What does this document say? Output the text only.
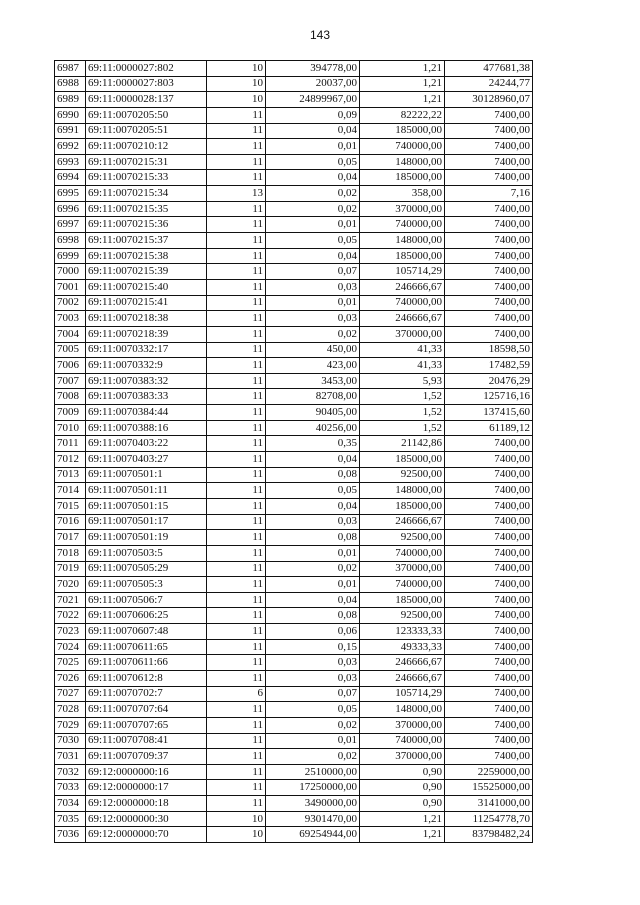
143
6987	69:11:0000027:802	10	394778,00	1,21	477681,38
6988	69:11:0000027:803	10	20037,00	1,21	24244,77
6989	69:11:0000028:137	10	24899967,00	1,21	30128960,07
6990	69:11:0070205:50	11	0,09	82222,22	7400,00
6991	69:11:0070205:51	11	0,04	185000,00	7400,00
6992	69:11:0070210:12	11	0,01	740000,00	7400,00
6993	69:11:0070215:31	11	0,05	148000,00	7400,00
6994	69:11:0070215:33	11	0,04	185000,00	7400,00
6995	69:11:0070215:34	13	0,02	358,00	7,16
6996	69:11:0070215:35	11	0,02	370000,00	7400,00
6997	69:11:0070215:36	11	0,01	740000,00	7400,00
6998	69:11:0070215:37	11	0,05	148000,00	7400,00
6999	69:11:0070215:38	11	0,04	185000,00	7400,00
7000	69:11:0070215:39	11	0,07	105714,29	7400,00
7001	69:11:0070215:40	11	0,03	246666,67	7400,00
7002	69:11:0070215:41	11	0,01	740000,00	7400,00
7003	69:11:0070218:38	11	0,03	246666,67	7400,00
7004	69:11:0070218:39	11	0,02	370000,00	7400,00
7005	69:11:0070332:17	11	450,00	41,33	18598,50
7006	69:11:0070332:9	11	423,00	41,33	17482,59
7007	69:11:0070383:32	11	3453,00	5,93	20476,29
7008	69:11:0070383:33	11	82708,00	1,52	125716,16
7009	69:11:0070384:44	11	90405,00	1,52	137415,60
7010	69:11:0070388:16	11	40256,00	1,52	61189,12
7011	69:11:0070403:22	11	0,35	21142,86	7400,00
7012	69:11:0070403:27	11	0,04	185000,00	7400,00
7013	69:11:0070501:1	11	0,08	92500,00	7400,00
7014	69:11:0070501:11	11	0,05	148000,00	7400,00
7015	69:11:0070501:15	11	0,04	185000,00	7400,00
7016	69:11:0070501:17	11	0,03	246666,67	7400,00
7017	69:11:0070501:19	11	0,08	92500,00	7400,00
7018	69:11:0070503:5	11	0,01	740000,00	7400,00
7019	69:11:0070505:29	11	0,02	370000,00	7400,00
7020	69:11:0070505:3	11	0,01	740000,00	7400,00
7021	69:11:0070506:7	11	0,04	185000,00	7400,00
7022	69:11:0070606:25	11	0,08	92500,00	7400,00
7023	69:11:0070607:48	11	0,06	123333,33	7400,00
7024	69:11:0070611:65	11	0,15	49333,33	7400,00
7025	69:11:0070611:66	11	0,03	246666,67	7400,00
7026	69:11:0070612:8	11	0,03	246666,67	7400,00
7027	69:11:0070702:7	6	0,07	105714,29	7400,00
7028	69:11:0070707:64	11	0,05	148000,00	7400,00
7029	69:11:0070707:65	11	0,02	370000,00	7400,00
7030	69:11:0070708:41	11	0,01	740000,00	7400,00
7031	69:11:0070709:37	11	0,02	370000,00	7400,00
7032	69:12:0000000:16	11	2510000,00	0,90	2259000,00
7033	69:12:0000000:17	11	17250000,00	0,90	15525000,00
7034	69:12:0000000:18	11	3490000,00	0,90	3141000,00
7035	69:12:0000000:30	10	9301470,00	1,21	11254778,70
7036	69:12:0000000:70	10	69254944,00	1,21	83798482,24
